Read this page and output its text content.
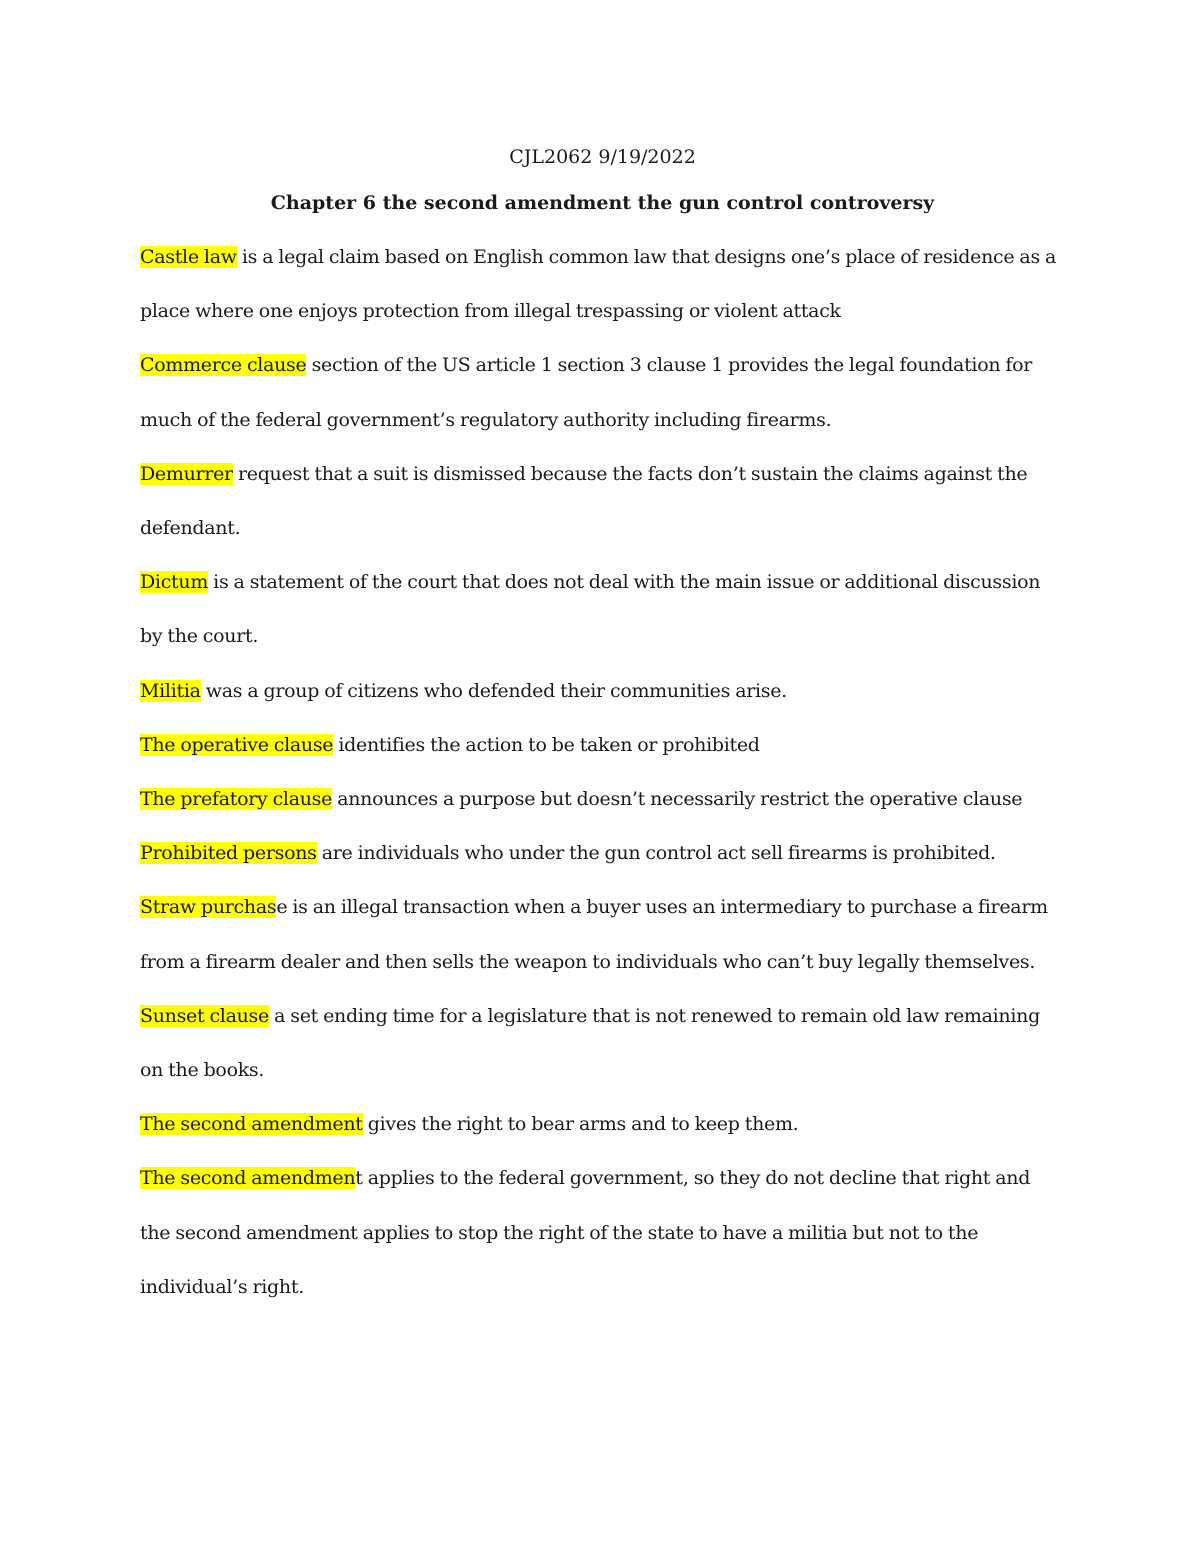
CJL2062 9/19/2022

Chapter 6 the second amendment the gun control controversy

Castle law is a legal claim based on English common law that designs one’s place of residence as a place where one enjoys protection from illegal trespassing or violent attack

Commerce clause section of the US article 1 section 3 clause 1 provides the legal foundation for much of the federal government’s regulatory authority including firearms.

Demurrer request that a suit is dismissed because the facts don’t sustain the claims against the defendant.

Dictum is a statement of the court that does not deal with the main issue or additional discussion by the court.

Militia was a group of citizens who defended their communities arise.

The operative clause identifies the action to be taken or prohibited

The prefatory clause announces a purpose but doesn’t necessarily restrict the operative clause

Prohibited persons are individuals who under the gun control act sell firearms is prohibited.

Straw purchase is an illegal transaction when a buyer uses an intermediary to purchase a firearm from a firearm dealer and then sells the weapon to individuals who can’t buy legally themselves.

Sunset clause a set ending time for a legislature that is not renewed to remain old law remaining on the books.

The second amendment gives the right to bear arms and to keep them.

The second amendment applies to the federal government, so they do not decline that right and the second amendment applies to stop the right of the state to have a militia but not to the individual’s right.
